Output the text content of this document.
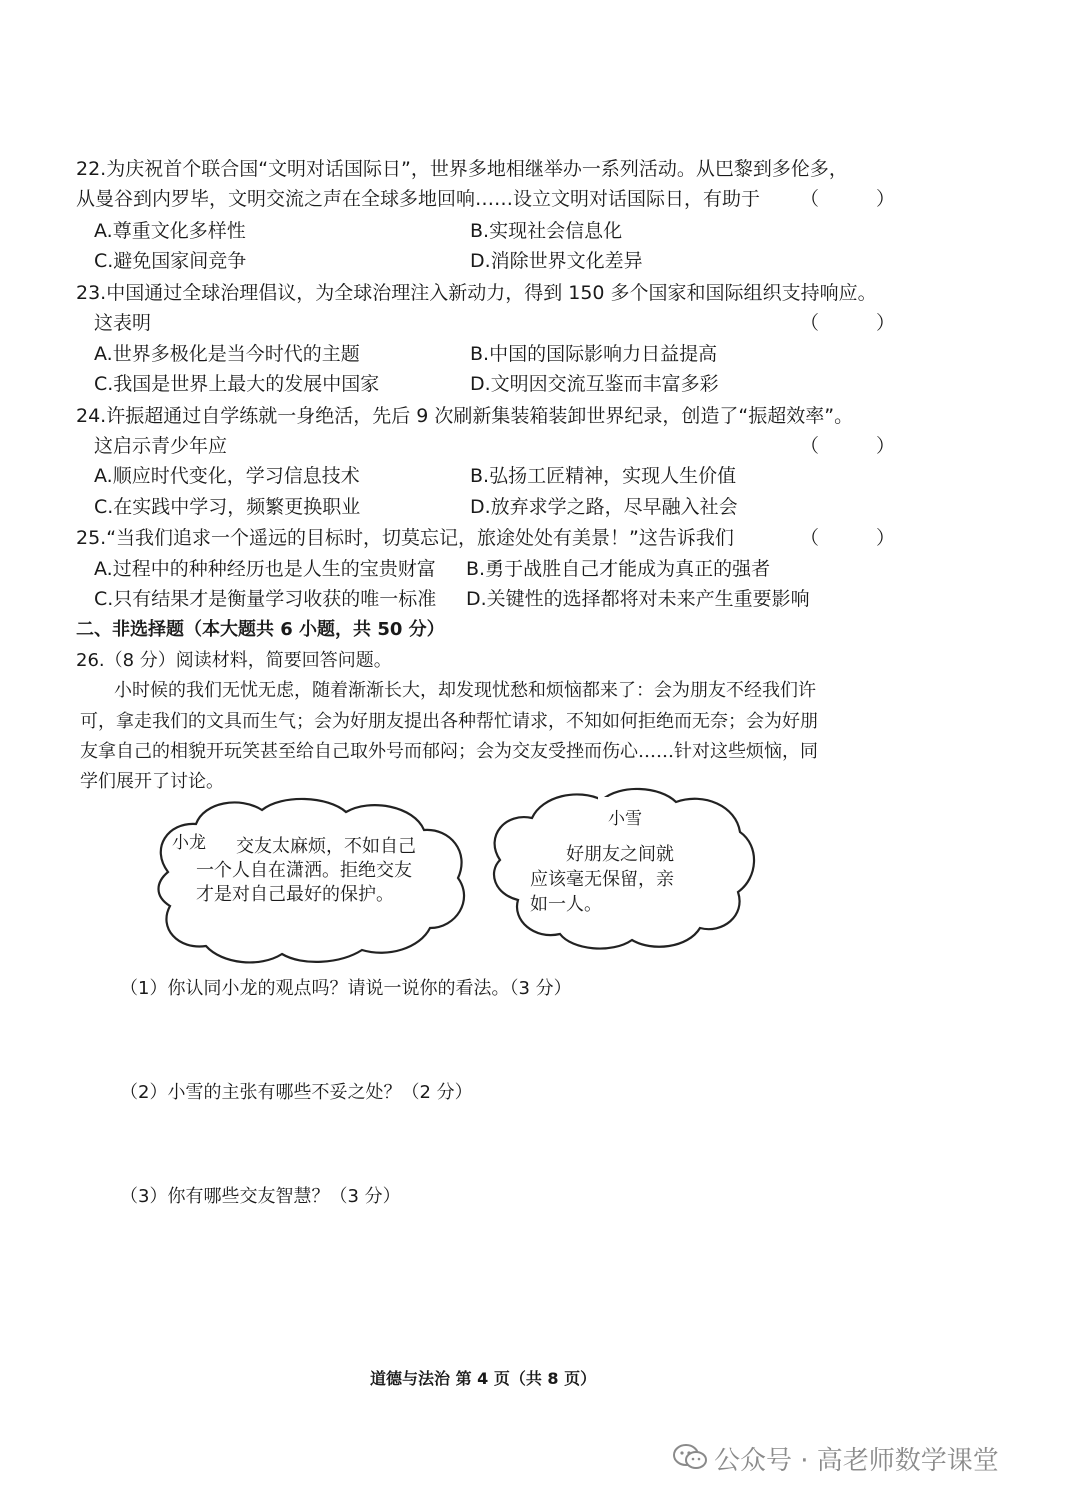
22.为庆祝首个联合国“文明对话国际日”，世界多地相继举办一系列活动。从巴黎到多伦多，
从曼谷到内罗毕，文明交流之声在全球多地回响……设立文明对话国际日，有助于 （　　　）
A.尊重文化多样性	B.实现社会信息化
C.避免国家间竞争	D.消除世界文化差异
23.中国通过全球治理倡议，为全球治理注入新动力，得到 150 多个国家和国际组织支持响应。
这表明	（　　　）
A.世界多极化是当今时代的主题	B.中国的国际影响力日益提高
C.我国是世界上最大的发展中国家	D.文明因交流互鉴而丰富多彩
24.许振超通过自学练就一身绝活，先后 9 次刷新集装箱装卸世界纪录，创造了“振超效率”。
这启示青少年应	（　　　）
A.顺应时代变化，学习信息技术	B.弘扬工匠精神，实现人生价值
C.在实践中学习，频繁更换职业	D.放弃求学之路，尽早融入社会
25.“当我们追求一个遥远的目标时，切莫忘记，旅途处处有美景！”这告诉我们	（　　　）
A.过程中的种种经历也是人生的宝贵财富 B.勇于战胜自己才能成为真正的强者
C.只有结果才是衡量学习收获的唯一标准 D.关键性的选择都将对未来产生重要影响
二、非选择题（本大题共 6 小题，共 50 分）
26.（8 分）阅读材料，简要回答问题。
小时候的我们无忧无虑，随着渐渐长大，却发现忧愁和烦恼都来了：会为朋友不经我们许
可，拿走我们的文具而生气；会为好朋友提出各种帮忙请求，不知如何拒绝而无奈；会为好朋
友拿自己的相貌开玩笑甚至给自己取外号而郁闷；会为交友受挫而伤心……针对这些烦恼，同
学们展开了讨论。
小龙 交友太麻烦，不如自己
一个人自在潇洒。拒绝交友
才是对自己最好的保护。
小雪
好朋友之间就
应该毫无保留，亲
如一人。
（1）你认同小龙的观点吗？请说一说你的看法。（3 分）
（2）小雪的主张有哪些不妥之处？（2 分）
（3）你有哪些交友智慧？（3 分）
道德与法治 第 4 页（共 8 页）
公众号 · 高老师数学课堂
